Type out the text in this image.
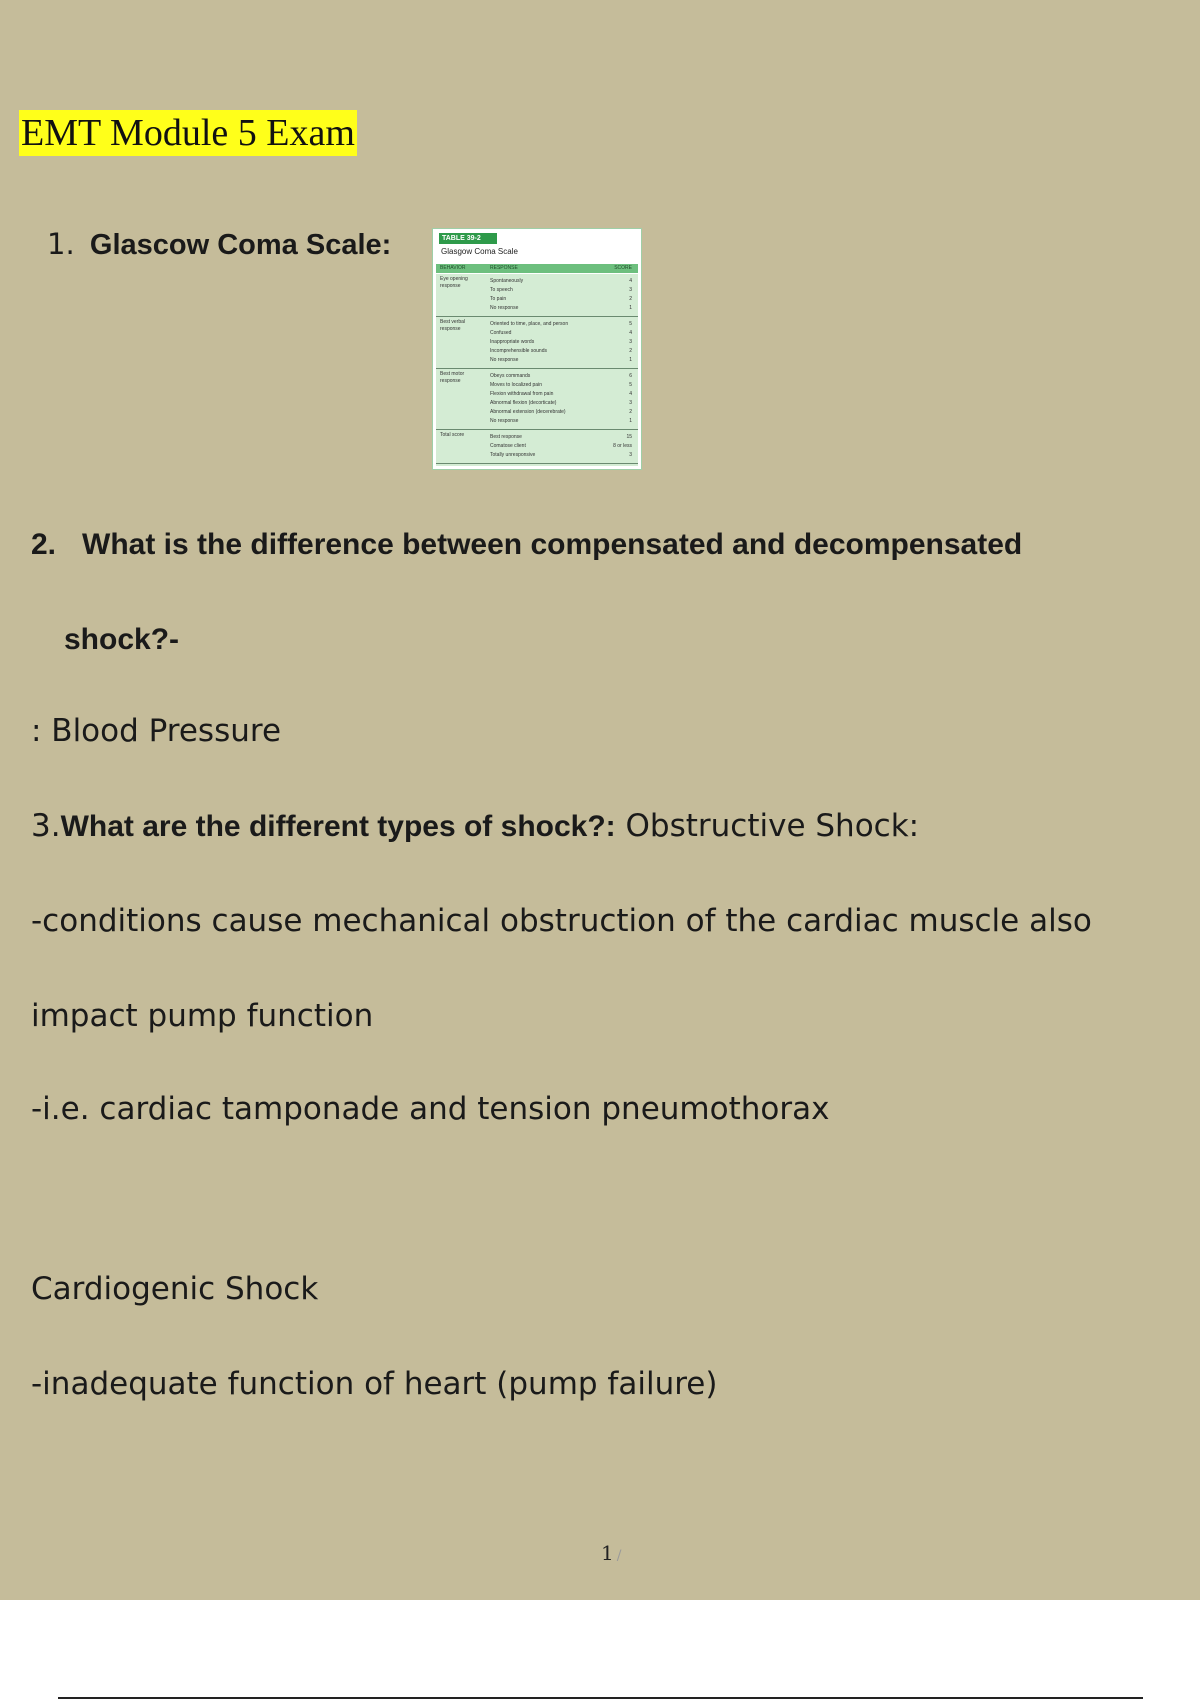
EMT Module 5 Exam
1. Glascow Coma Scale:	TABLE 39-2
Glasgow Coma Scale
BEHAVIOR	RESPONSE	SCORE
Eye opening response
Spontaneously	4
To speech	3
To pain	2
No response	1
Best verbal response
Oriented to time, place, and person	5
Confused	4
Inappropriate words	3
Incomprehensible sounds	2
No response	1
Best motor response
Obeys commands	6
Moves to localized pain	5
Flexion withdrawal from pain	4
Abnormal flexion (decorticate)	3
Abnormal extension (decerebrate)	2
No response	1
Total score	Best response	15
Comatose client	8 or less
Totally unresponsive	3
2. What is the difference between compensated and decompensated
shock?-
: Blood Pressure
3.What are the different types of shock?: Obstructive Shock:
-conditions cause mechanical obstruction of the cardiac muscle also
impact pump function
-i.e. cardiac tamponade and tension pneumothorax
Cardiogenic Shock
-inadequate function of heart (pump failure)
1 /
